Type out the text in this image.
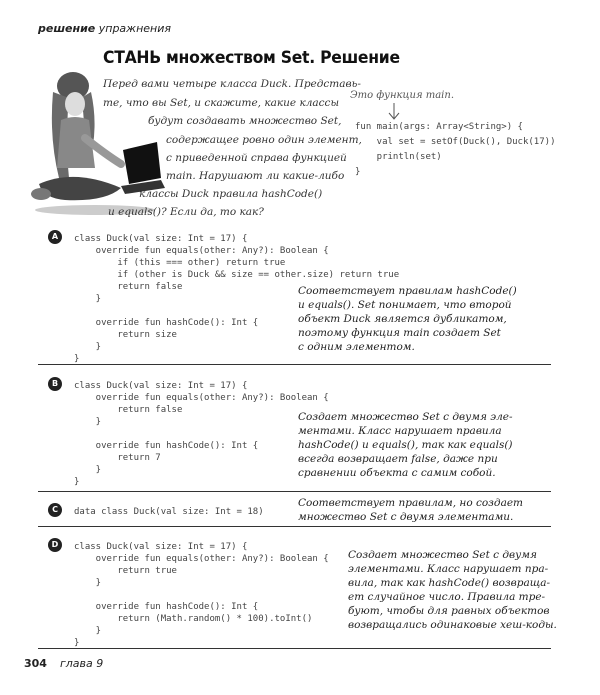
решение упражнения
СТАНЬ множеством Set. Решение

Перед вами четыре класса Duck. Представь-

те, что вы Set, и скажите, какие классы

будут создавать множество Set,

содержащее ровно один элемент,

с приведенной справа функцией

main. Нарушают ли какие-либо

классы Duck правила hashCode()

и equals()? Если да, то как?

Это функция main.
fun main(args: Array<String>) {
val set = setOf(Duck(), Duck(17))
println(set)
}
A	class Duck(val size: Int = 17) {
override fun equals(other: Any?): Boolean {
if (this === other) return true
if (other is Duck && size == other.size) return true
return false
}

override fun hashCode(): Int {
return size
}
}

Соответствует правилам hashCode()

и equals(). Set понимает, что второй

объект Duck является дубликатом,

поэтому функция main создает Set

с одним элементом.

B	class Duck(val size: Int = 17) {
override fun equals(other: Any?): Boolean {
return false
}

override fun hashCode(): Int {
return 7
}
}

Создает множество Set с двумя эле-

ментами. Класс нарушает правила

hashCode() и equals(), так как equals()

всегда возвращает false, даже при

сравнении объекта с самим собой.

C	data class Duck(val size: Int = 18)

Соответствует правилам, но создает

множество Set с двумя элементами.

D	class Duck(val size: Int = 17) {
override fun equals(other: Any?): Boolean {
return true
}

override fun hashCode(): Int {
return (Math.random() * 100).toInt()
}
}

Создает множество Set с двумя

элементами. Класс нарушает пра-

вила, так как hashCode() возвраща-

ет случайное число. Правила тре-

буют, чтобы для равных объектов

возвращались одинаковые хеш-коды.

304 глава 9
